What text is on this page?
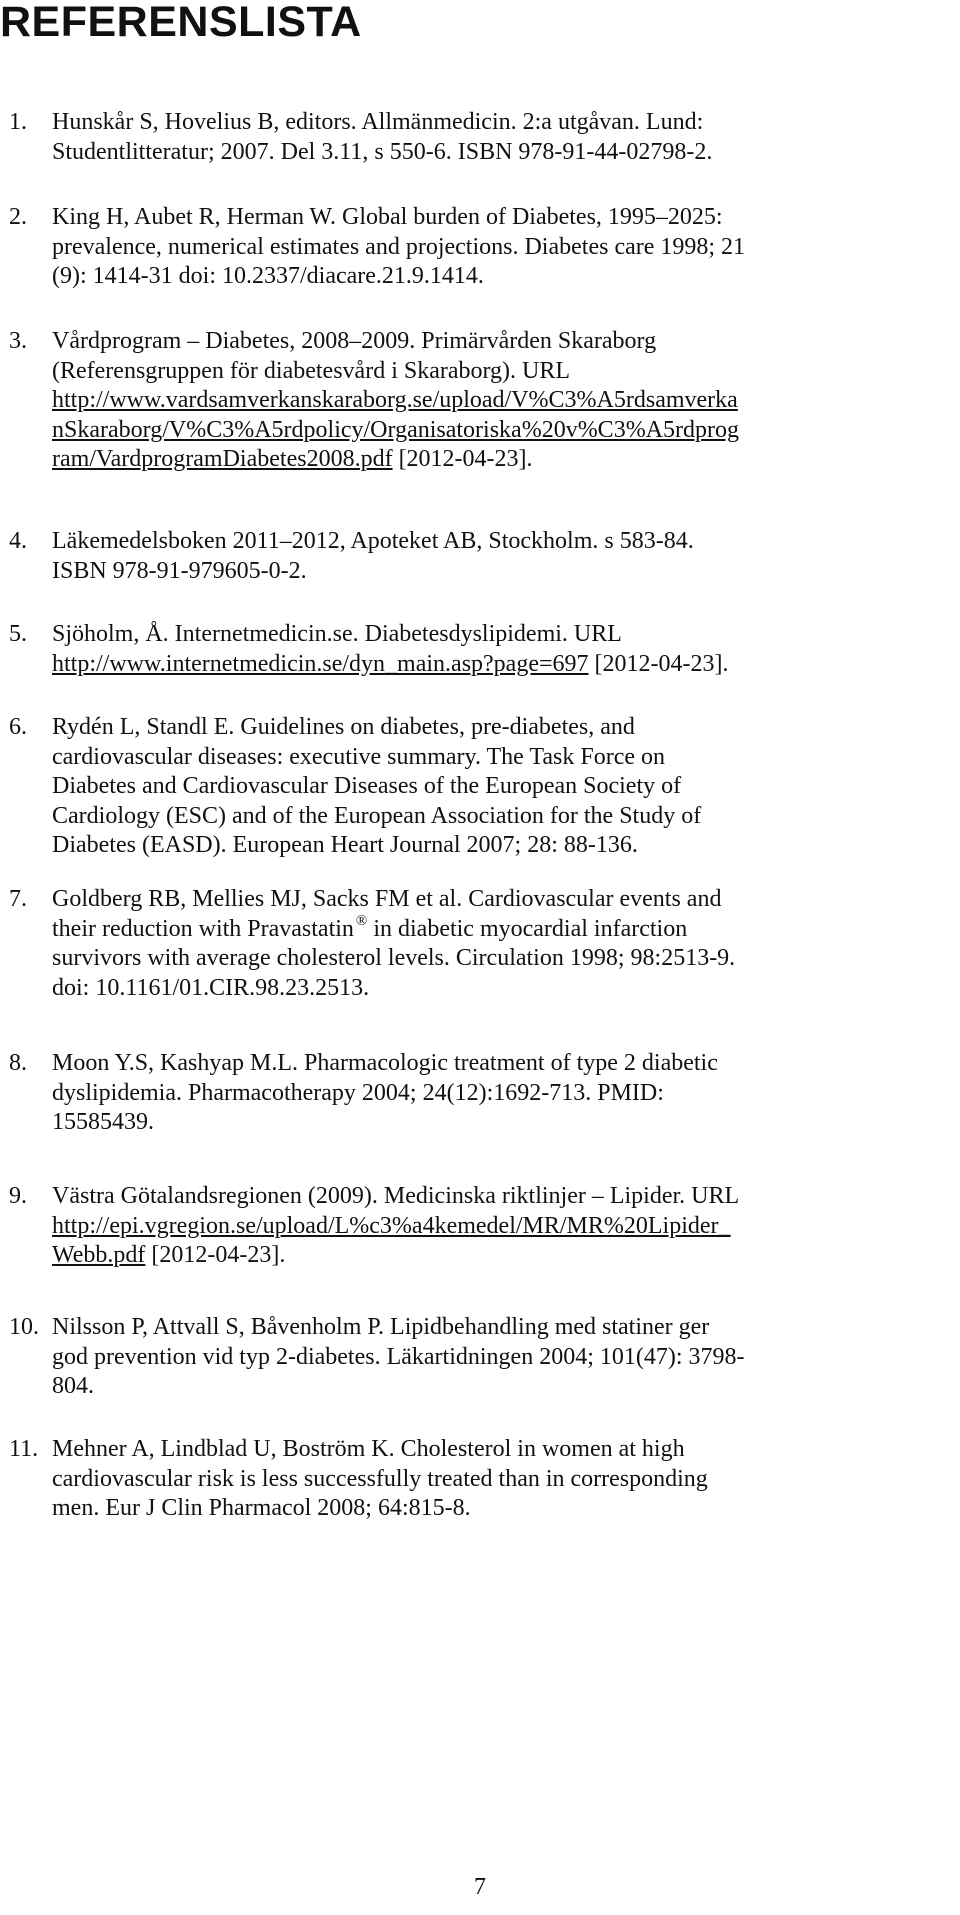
REFERENSLISTA
1. Hunskår S, Hovelius B, editors. Allmänmedicin. 2:a utgåvan. Lund:
Studentlitteratur; 2007. Del 3.11, s 550-6. ISBN 978-91-44-02798-2.
2. King H, Aubet R, Herman W. Global burden of Diabetes, 1995–2025:
prevalence, numerical estimates and projections. Diabetes care 1998; 21
(9): 1414-31 doi: 10.2337/diacare.21.9.1414.
3. Vårdprogram – Diabetes, 2008–2009. Primärvården Skaraborg
(Referensgruppen för diabetesvård i Skaraborg). URL
http://www.vardsamverkanskaraborg.se/upload/V%C3%A5rdsamverka
nSkaraborg/V%C3%A5rdpolicy/Organisatoriska%20v%C3%A5rdprog
ram/VardprogramDiabetes2008.pdf [2012-04-23].
4. Läkemedelsboken 2011–2012, Apoteket AB, Stockholm. s 583-84.
ISBN 978-91-979605-0-2.
5. Sjöholm, Å. Internetmedicin.se. Diabetesdyslipidemi. URL
http://www.internetmedicin.se/dyn_main.asp?page=697 [2012-04-23].
6. Rydén L, Standl E. Guidelines on diabetes, pre-diabetes, and
cardiovascular diseases: executive summary. The Task Force on
Diabetes and Cardiovascular Diseases of the European Society of
Cardiology (ESC) and of the European Association for the Study of
Diabetes (EASD). European Heart Journal 2007; 28: 88-136.
7. Goldberg RB, Mellies MJ, Sacks FM et al. Cardiovascular events and
their reduction with Pravastatin ® in diabetic myocardial infarction
survivors with average cholesterol levels. Circulation 1998; 98:2513-9.
doi: 10.1161/01.CIR.98.23.2513.
8. Moon Y.S, Kashyap M.L. Pharmacologic treatment of type 2 diabetic
dyslipidemia. Pharmacotherapy 2004; 24(12):1692-713. PMID:
15585439.
9. Västra Götalandsregionen (2009). Medicinska riktlinjer – Lipider. URL
http://epi.vgregion.se/upload/L%c3%a4kemedel/MR/MR%20Lipider_
Webb.pdf [2012-04-23].
10. Nilsson P, Attvall S, Båvenholm P. Lipidbehandling med statiner ger
god prevention vid typ 2-diabetes. Läkartidningen 2004; 101(47): 3798-
804.
11. Mehner A, Lindblad U, Boström K. Cholesterol in women at high
cardiovascular risk is less successfully treated than in corresponding
men. Eur J Clin Pharmacol 2008; 64:815-8.
7
